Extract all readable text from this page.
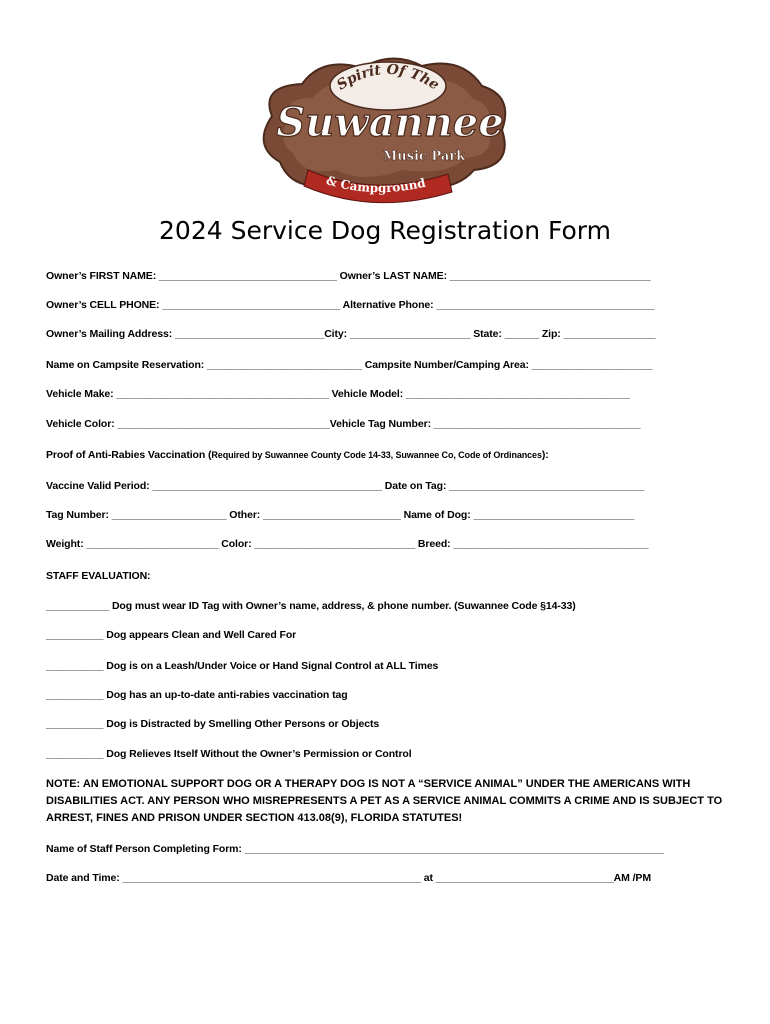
Spirit Of The
Suwannee
Music Park
& Campground
2024 Service Dog Registration Form
Owner’s FIRST NAME: _______________________________ Owner’s LAST NAME: ___________________________________
Owner’s CELL PHONE: _______________________________ Alternative Phone: ______________________________________
Owner’s Mailing Address: __________________________City: _____________________ State: ______ Zip: ________________
Name on Campsite Reservation: ___________________________ Campsite Number/Camping Area: _____________________
Vehicle Make: _____________________________________ Vehicle Model: _______________________________________
Vehicle Color: _____________________________________Vehicle Tag Number: ____________________________________
Proof of Anti-Rabies Vaccination (Required by Suwannee County Code 14-33, Suwannee Co, Code of Ordinances):
Vaccine Valid Period: ________________________________________ Date on Tag: __________________________________
Tag Number: ____________________ Other: ________________________ Name of Dog: ____________________________
Weight: _______________________ Color: ____________________________ Breed: __________________________________
STAFF EVALUATION:
___________ Dog must wear ID Tag with Owner’s name, address, & phone number. (Suwannee Code §14-33)
__________ Dog appears Clean and Well Cared For
__________ Dog is on a Leash/Under Voice or Hand Signal Control at ALL Times
__________ Dog has an up-to-date anti-rabies vaccination tag
__________ Dog is Distracted by Smelling Other Persons or Objects
__________ Dog Relieves Itself Without the Owner’s Permission or Control
NOTE: AN EMOTIONAL SUPPORT DOG OR A THERAPY DOG IS NOT A “SERVICE ANIMAL” UNDER THE AMERICANS WITH DISABILITIES ACT. ANY PERSON WHO MISREPRESENTS A PET AS A SERVICE ANIMAL COMMITS A CRIME AND IS SUBJECT TO ARREST, FINES AND PRISON UNDER SECTION 413.08(9), FLORIDA STATUTES!
Name of Staff Person Completing Form: _________________________________________________________________________
Date and Time: ____________________________________________________ at _______________________________AM /PM
